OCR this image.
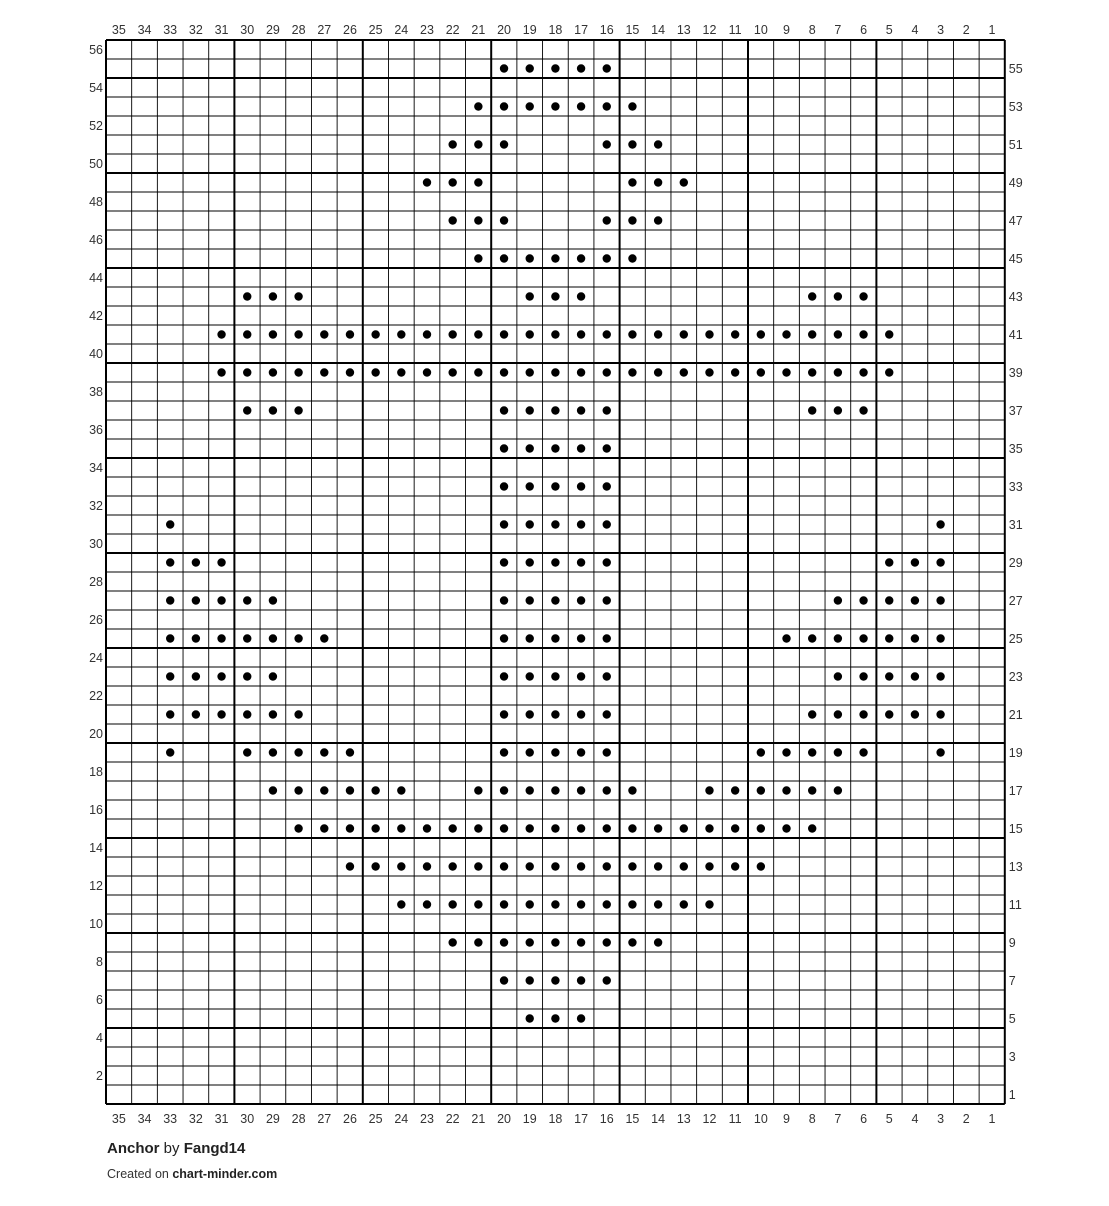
1
2
3
4
5
6
7
8
9
10
11
12
13
14
15
16
17
18
19
20
21
22
23
24
25
26
27
28
29
30
31
32
33
34
35
1
2
3
4
5
6
7
8
9
10
11
12
13
14
15
16
17
18
19
20
21
22
23
24
25
26
27
28
29
30
31
32
33
34
35
2
4
6
8
10
12
14
16
18
20
22
24
26
28
30
32
34
36
38
40
42
44
46
48
50
52
54
56
1
3
5
7
9
11
13
15
17
19
21
23
25
27
29
31
33
35
37
39
41
43
45
47
49
51
53
55
Anchor by Fangd14
Created on chart-minder.com
